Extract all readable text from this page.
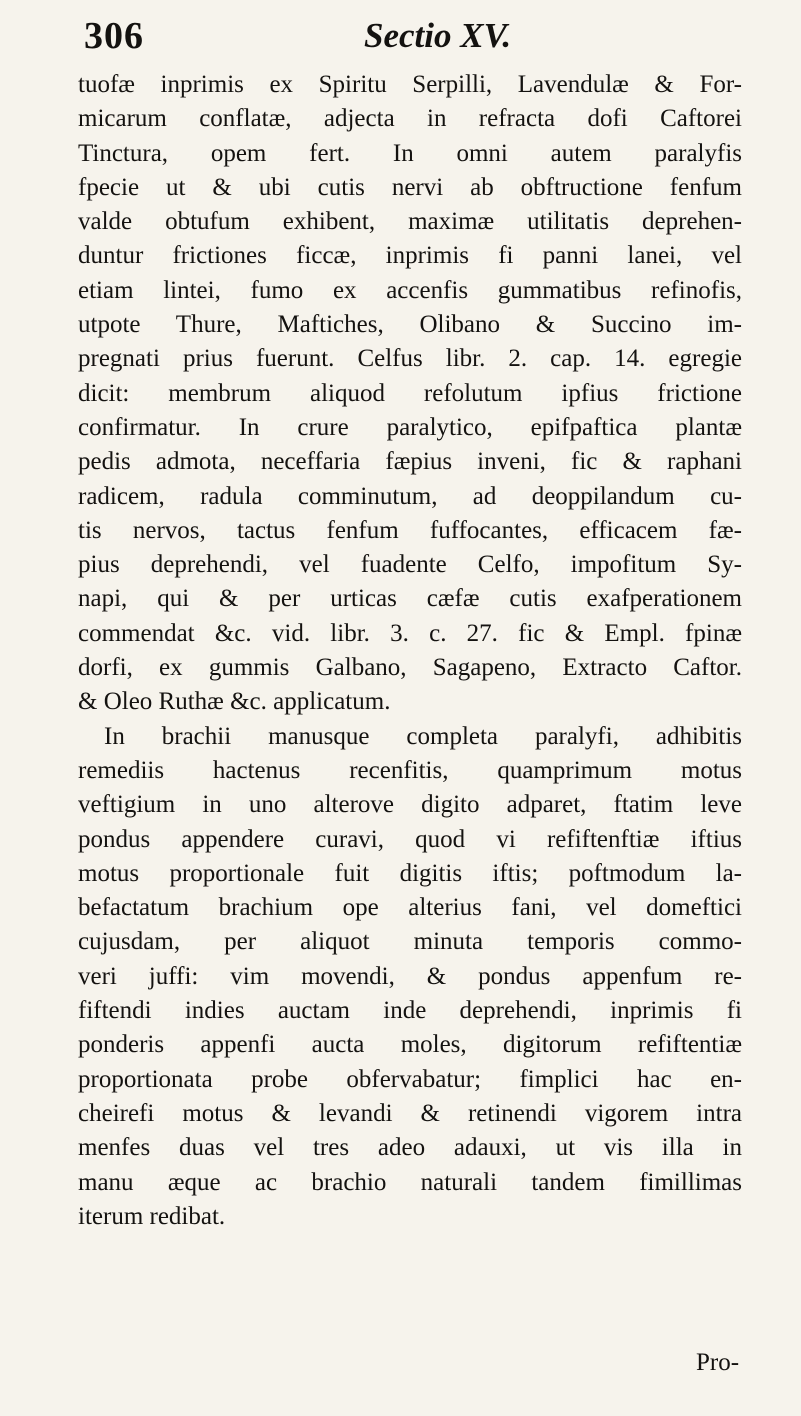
306	Sectio XV.
tuofæ inprimis ex Spiritu Serpilli, Lavendulæ & For-
micarum conflatæ, adjecta in refracta dofi Caftorei
Tinctura, opem fert. In omni autem paralyfis
fpecie ut & ubi cutis nervi ab obftructione fenfum
valde obtufum exhibent, maximæ utilitatis deprehen-
duntur frictiones ficcæ, inprimis fi panni lanei, vel
etiam lintei, fumo ex accenfis gummatibus refinofis,
utpote Thure, Maftiches, Olibano & Succino im-
pregnati prius fuerunt. Celfus libr. 2. cap. 14. egregie
dicit: membrum aliquod refolutum ipfius frictione
confirmatur. In crure paralytico, epifpaftica plantæ
pedis admota, neceffaria fæpius inveni, fic & raphani
radicem, radula comminutum, ad deoppilandum cu-
tis nervos, tactus fenfum fuffocantes, efficacem fæ-
pius deprehendi, vel fuadente Celfo, impofitum Sy-
napi, qui & per urticas cæfæ cutis exafperationem
commendat &c. vid. libr. 3. c. 27. fic & Empl. fpinæ
dorfi, ex gummis Galbano, Sagapeno, Extracto Caftor.
& Oleo Ruthæ &c. applicatum.
In brachii manusque completa paralyfi, adhibitis
remediis hactenus recenfitis, quamprimum motus
veftigium in uno alterove digito adparet, ftatim leve
pondus appendere curavi, quod vi refiftenftiæ iftius
motus proportionale fuit digitis iftis; poftmodum la-
befactatum brachium ope alterius fani, vel domeftici
cujusdam, per aliquot minuta temporis commo-
veri juffi: vim movendi, & pondus appenfum re-
fiftendi indies auctam inde deprehendi, inprimis fi
ponderis appenfi aucta moles, digitorum refiftentiæ
proportionata probe obfervabatur; fimplici hac en-
cheirefi motus & levandi & retinendi vigorem intra
menfes duas vel tres adeo adauxi, ut vis illa in
manu æque ac brachio naturali tandem fimillimas
iterum redibat.
Pro-
